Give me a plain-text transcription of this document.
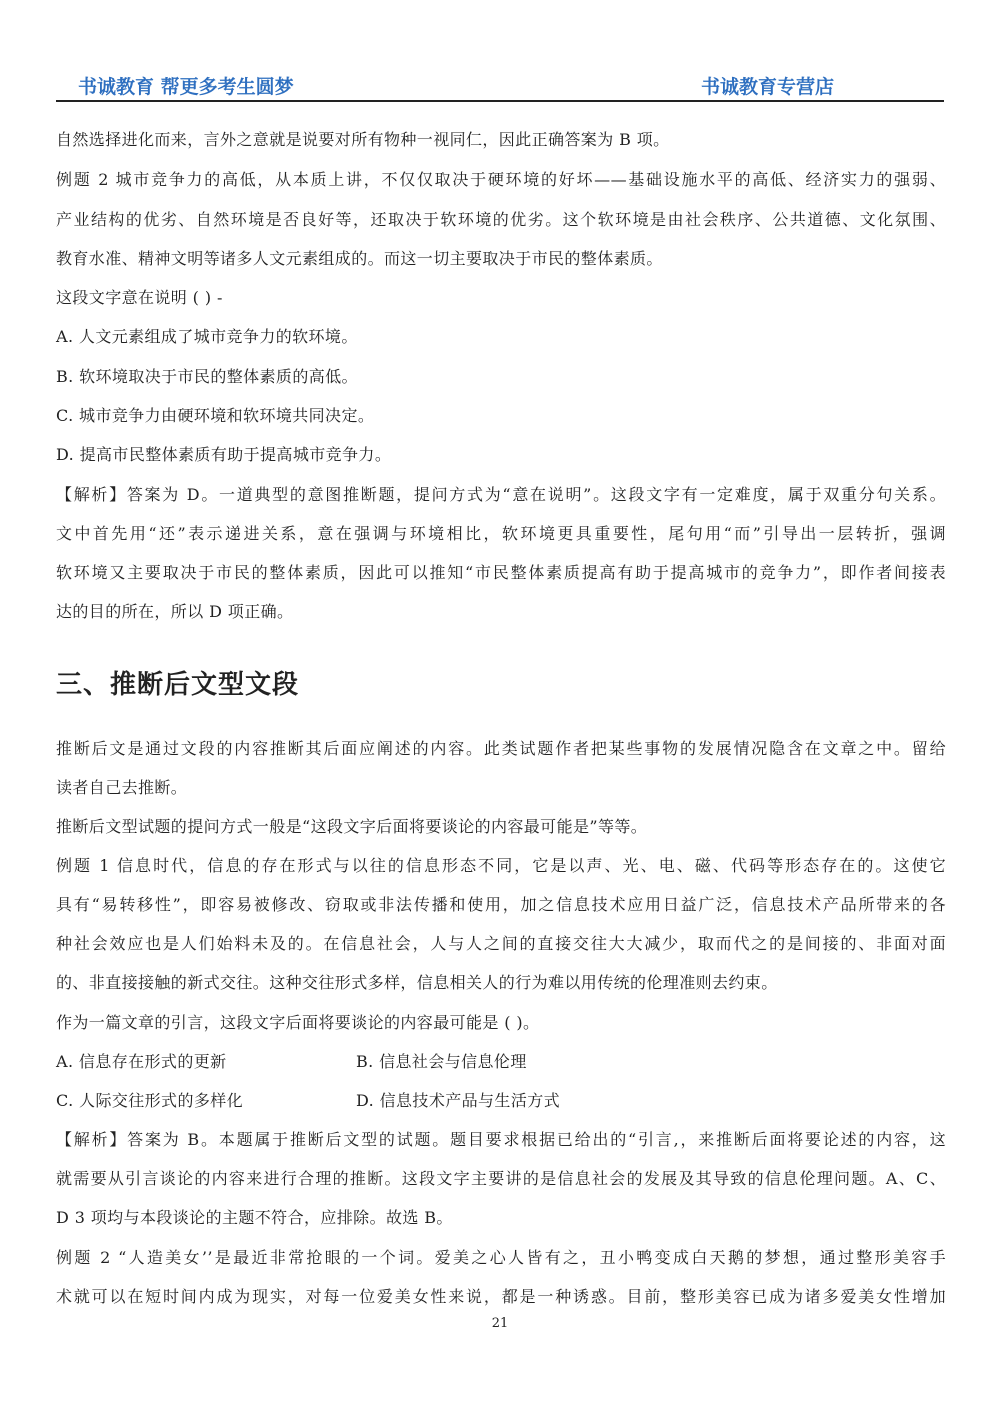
书诚教育 帮更多考生圆梦	书诚教育专营店
自然选择进化而来，言外之意就是说要对所有物种一视同仁，因此正确答案为 B 项。
例题 2 城市竞争力的高低，从本质上讲，不仅仅取决于硬环境的好坏——基础设施水平的高低、经济实力的强弱、
产业结构的优劣、自然环境是否良好等，还取决于软环境的优劣。这个软环境是由社会秩序、公共道德、文化氛围、
教育水准、精神文明等诸多人文元素组成的。而这一切主要取决于市民的整体素质。
这段文字意在说明 ( ) -
A. 人文元素组成了城市竞争力的软环境。
B. 软环境取决于市民的整体素质的高低。
C. 城市竞争力由硬环境和软环境共同决定。
D. 提高市民整体素质有助于提高城市竞争力。
【解析】答案为 D。一道典型的意图推断题，提问方式为“意在说明”。这段文字有一定难度，属于双重分句关系。
文中首先用“还”表示递进关系，意在强调与环境相比，软环境更具重要性，尾句用“而”引导出一层转折，强调
软环境又主要取决于市民的整体素质，因此可以推知“市民整体素质提高有助于提高城市的竞争力”，即作者间接表
达的目的所在，所以 D 项正确。
三、推断后文型文段
推断后文是通过文段的内容推断其后面应阐述的内容。此类试题作者把某些事物的发展情况隐含在文章之中。留给
读者自己去推断。
推断后文型试题的提问方式一般是“这段文字后面将要谈论的内容最可能是”等等。
例题 1 信息时代，信息的存在形式与以往的信息形态不同，它是以声、光、电、磁、代码等形态存在的。这使它
具有“易转移性”，即容易被修改、窃取或非法传播和使用，加之信息技术应用日益广泛，信息技术产品所带来的各
种社会效应也是人们始料未及的。在信息社会，人与人之间的直接交往大大减少，取而代之的是间接的、非面对面
的、非直接接触的新式交往。这种交往形式多样，信息相关人的行为难以用传统的伦理准则去约束。
作为一篇文章的引言，这段文字后面将要谈论的内容最可能是 ( )。
A. 信息存在形式的更新	B. 信息社会与信息伦理
C. 人际交往形式的多样化	D. 信息技术产品与生活方式
【解析】答案为 B。本题属于推断后文型的试题。题目要求根据已给出的“引言,，来推断后面将要论述的内容，这
就需要从引言谈论的内容来进行合理的推断。这段文字主要讲的是信息社会的发展及其导致的信息伦理问题。A、C、
D 3 项均与本段谈论的主题不符合，应排除。故选 B。
例题 2 “人造美女’’是最近非常抢眼的一个词。爱美之心人皆有之，丑小鸭变成白天鹅的梦想，通过整形美容手
术就可以在短时间内成为现实，对每一位爱美女性来说，都是一种诱惑。目前，整形美容已成为诸多爱美女性增加
21
